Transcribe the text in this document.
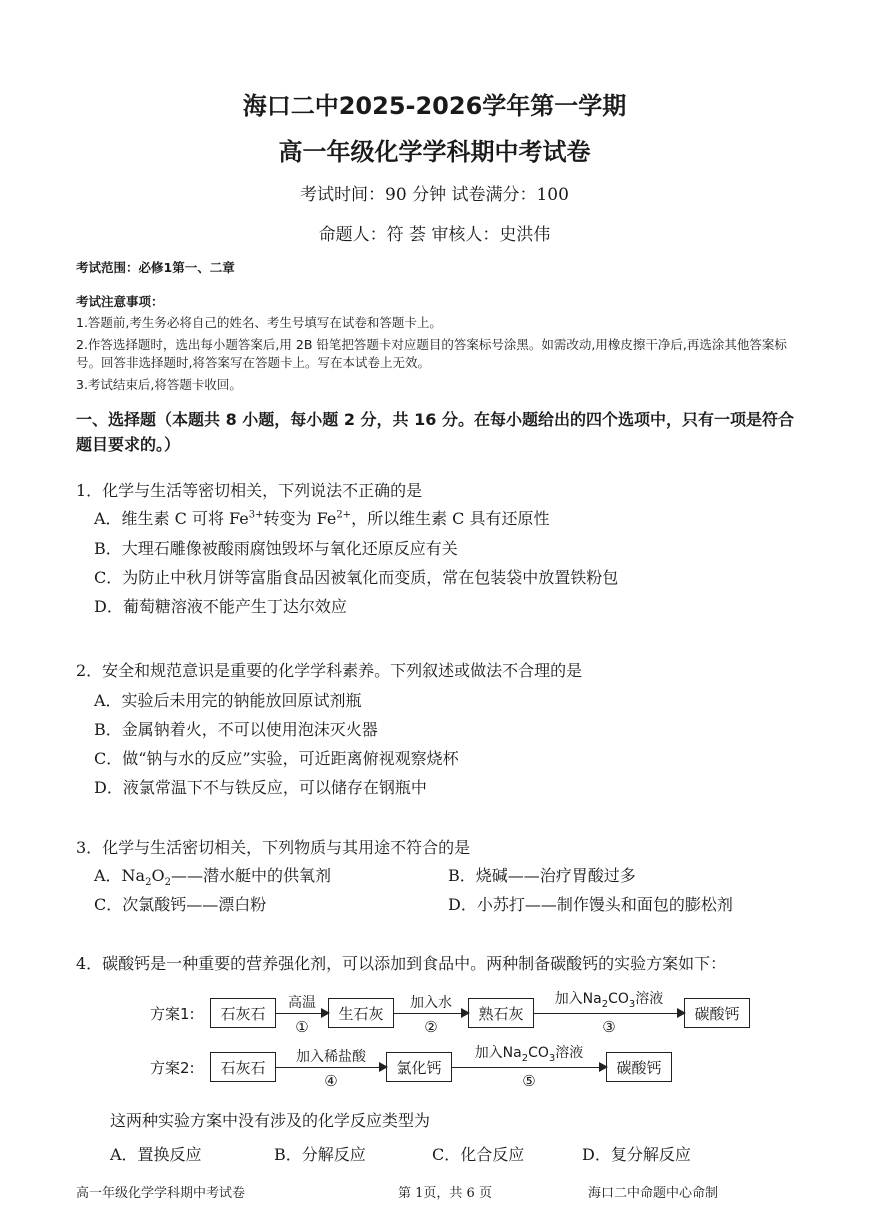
海口二中2025-2026学年第一学期
高一年级化学学科期中考试卷
考试时间：90 分钟 试卷满分：100
命题人：符 荟 审核人：史洪伟
考试范围：必修1第一、二章
考试注意事项：
1.答题前,考生务必将自己的姓名、考生号填写在试卷和答题卡上。
2.作答选择题时，选出每小题答案后,用 2B 铅笔把答题卡对应题目的答案标号涂黑。如需改动,用橡皮擦干净后,再选涂其他答案标号。回答非选择题时,将答案写在答题卡上。写在本试卷上无效。
3.考试结束后,将答题卡收回。
一、选择题（本题共 8 小题，每小题 2 分，共 16 分。在每小题给出的四个选项中，只有一项是符合题目要求的。）
1．化学与生活等密切相关，下列说法不正确的是
A．维生素 C 可将 $Fe^{3+}$转变为 $Fe^{2+}$，所以维生素 C 具有还原性
B．大理石雕像被酸雨腐蚀毁坏与氧化还原反应有关
C．为防止中秋月饼等富脂食品因被氧化而变质，常在包装袋中放置铁粉包
D．葡萄糖溶液不能产生丁达尔效应
2．安全和规范意识是重要的化学学科素养。下列叙述或做法不合理的是
A．实验后未用完的钠能放回原试剂瓶
B．金属钠着火，不可以使用泡沫灭火器
C．做“钠与水的反应”实验，可近距离俯视观察烧杯
D．液氯常温下不与铁反应，可以储存在钢瓶中
3．化学与生活密切相关，下列物质与其用途不符合的是
A．$Na_2O_2——$潜水艇中的供氧剂	B．烧碱——治疗胃酸过多
C．次氯酸钙——漂白粉	D．小苏打——制作馒头和面包的膨松剂
4．碳酸钙是一种重要的营养强化剂，可以添加到食品中。两种制备碳酸钙的实验方案如下：
方案1:	石灰石
高温
①
生石灰
加入水
②
熟石灰
加入$Na_2CO_3$溶液
③
碳酸钙
方案2:	石灰石
加入稀盐酸
④
氯化钙
加入$Na_2CO_3$溶液
⑤
碳酸钙
这两种实验方案中没有涉及的化学反应类型为
A．置换反应	B．分解反应	C．化合反应	D．复分解反应
高一年级化学学科期中考试卷	第 1页，共 6 页	海口二中命题中心命制
